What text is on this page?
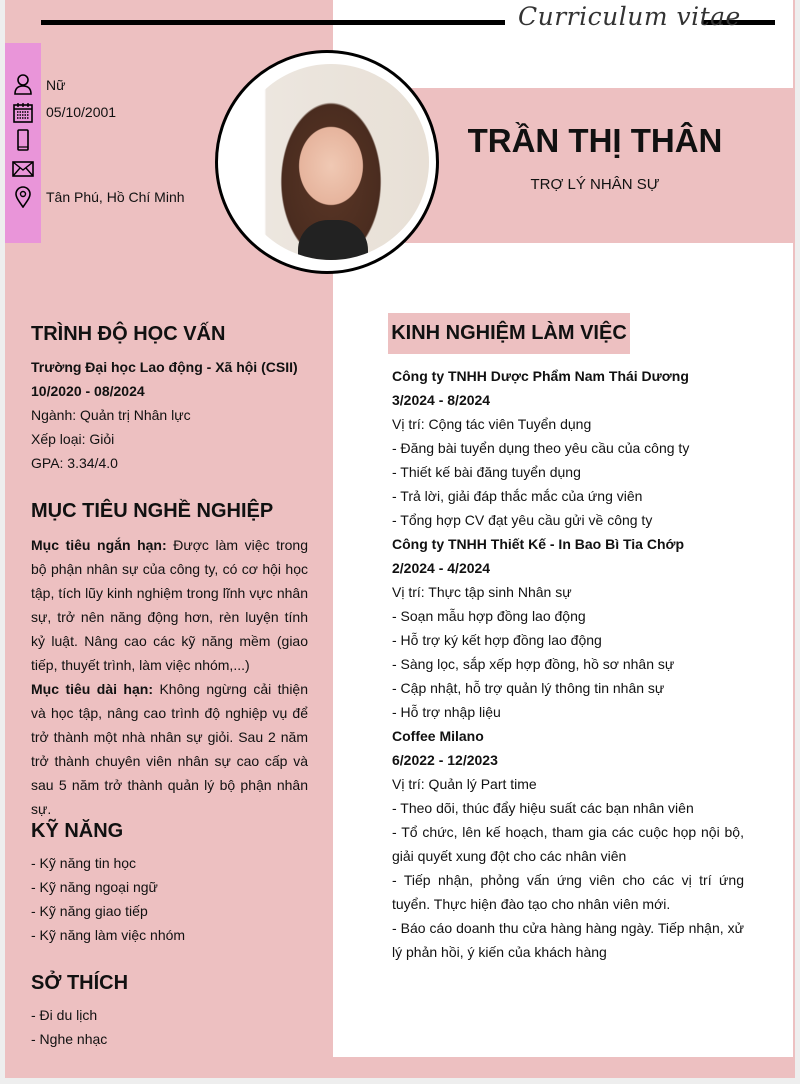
Curriculum vitae
Nữ
05/10/2001
Tân Phú, Hồ Chí Minh
TRẦN THỊ THÂN
TRỢ LÝ NHÂN SỰ
TRÌNH ĐỘ HỌC VẤN
Trường Đại học Lao động - Xã hội (CSII)
10/2020 - 08/2024
Ngành: Quản trị Nhân lực
Xếp loại: Giỏi
GPA: 3.34/4.0
MỤC TIÊU NGHỀ NGHIỆP

Mục tiêu ngắn hạn: Được làm việc trong bộ phận nhân sự của công ty, có cơ hội học tập, tích lũy kinh nghiệm trong lĩnh vực nhân sự, trở nên năng động hơn, rèn luyện tính kỷ luật. Nâng cao các kỹ năng mềm (giao tiếp, thuyết trình, làm việc nhóm,...)

Mục tiêu dài hạn: Không ngừng cải thiện và học tập, nâng cao trình độ nghiệp vụ để trở thành một nhà nhân sự giỏi. Sau 2 năm trở thành chuyên viên nhân sự cao cấp và sau 5 năm trở thành quản lý bộ phận nhân sự.

KỸ NĂNG
- Kỹ năng tin học
- Kỹ năng ngoại ngữ
- Kỹ năng giao tiếp
- Kỹ năng làm việc nhóm
SỞ THÍCH
- Đi du lịch
- Nghe nhạc
KINH NGHIỆM LÀM VIỆC
Công ty TNHH Dược Phẩm Nam Thái Dương
3/2024 - 8/2024
Vị trí: Cộng tác viên Tuyển dụng
- Đăng bài tuyển dụng theo yêu cầu của công ty
- Thiết kế bài đăng tuyển dụng
- Trả lời, giải đáp thắc mắc của ứng viên
- Tổng hợp CV đạt yêu cầu gửi về công ty
Công ty TNHH Thiết Kế - In Bao Bì Tia Chớp
2/2024 - 4/2024
Vị trí: Thực tập sinh Nhân sự
- Soạn mẫu hợp đồng lao động
- Hỗ trợ ký kết hợp đồng lao động
- Sàng lọc, sắp xếp hợp đồng, hồ sơ nhân sự
- Cập nhật, hỗ trợ quản lý thông tin nhân sự
- Hỗ trợ nhập liệu
Coffee Milano
6/2022 - 12/2023
Vị trí: Quản lý Part time
- Theo dõi, thúc đẩy hiệu suất các bạn nhân viên
- Tổ chức, lên kế hoạch, tham gia các cuộc họp nội bộ, giải quyết xung đột cho các nhân viên
- Tiếp nhận, phỏng vấn ứng viên cho các vị trí ứng tuyển. Thực hiện đào tạo cho nhân viên mới.
- Báo cáo doanh thu cửa hàng hàng ngày. Tiếp nhận, xử lý phản hồi, ý kiến của khách hàng
